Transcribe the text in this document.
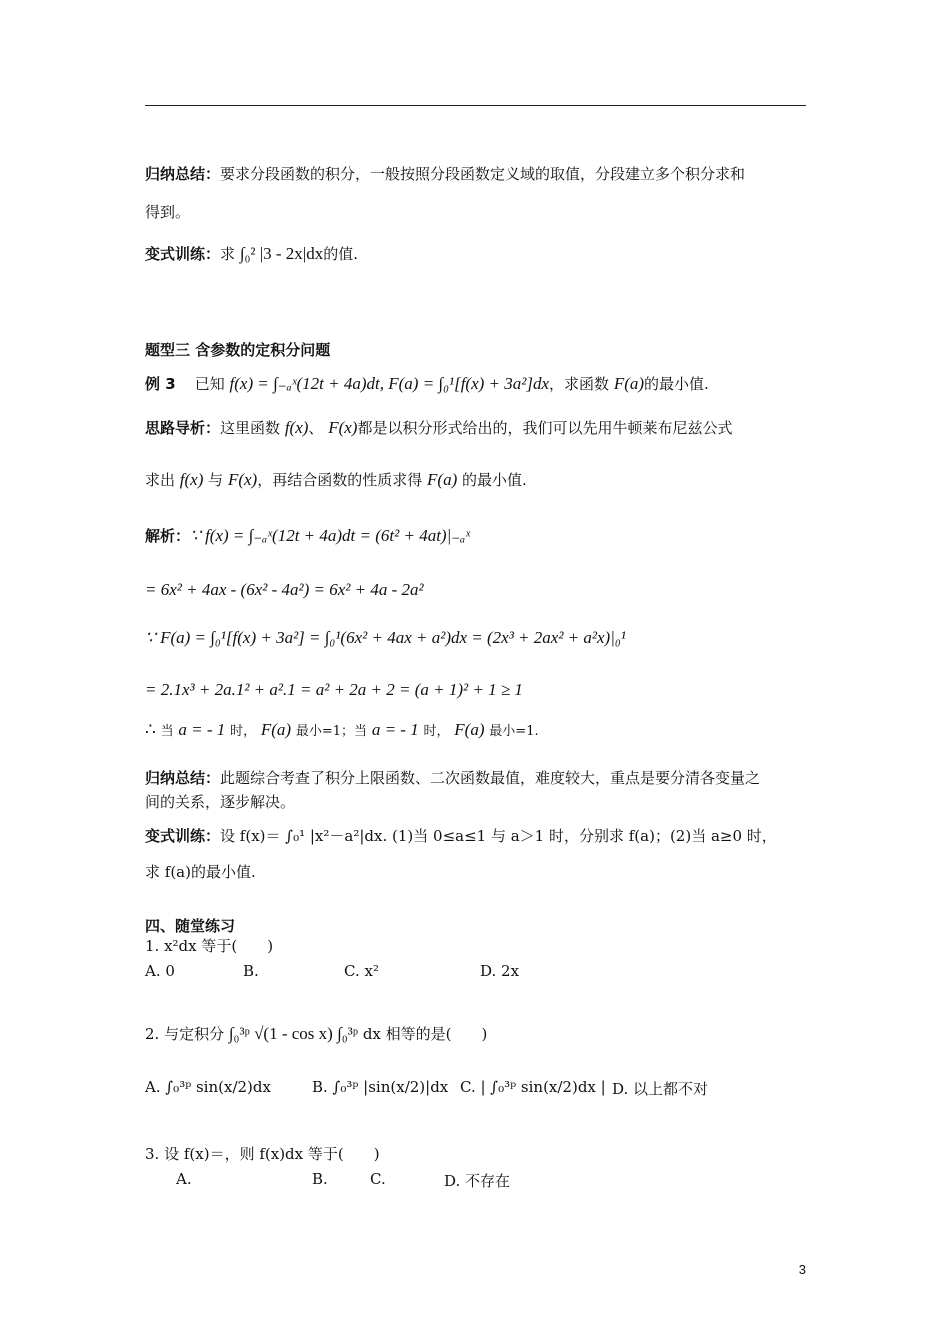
归纳总结：要求分段函数的积分，一般按照分段函数定义域的取值，分段建立多个积分求和
得到。
变式训练：求 ∫₀² |3 - 2x|dx的值.
题型三 含参数的定积分问题
例 3 已知 f(x) = ∫₋ₐˣ(12t + 4a)dt, F(a) = ∫₀¹[f(x) + 3a²]dx，求函数 F(a)的最小值.
思路导析：这里函数 f(x)、 F(x)都是以积分形式给出的，我们可以先用牛顿莱布尼兹公式
求出 f(x) 与 F(x)，再结合函数的性质求得 F(a) 的最小值.
解析：∵ f(x) = ∫₋ₐˣ(12t + 4a)dt = (6t² + 4at)|₋ₐˣ
= 6x² + 4ax - (6x² - 4a²) = 6x² + 4a - 2a²
∵ F(a) = ∫₀¹[f(x) + 3a²] = ∫₀¹(6x² + 4ax + a²)dx = (2x³ + 2ax² + a²x)|₀¹
= 2.1x³ + 2a.1² + a².1 = a² + 2a + 2 = (a + 1)² + 1 ≥ 1
∴ 当 a = - 1 时， F(a) 最小=1；当 a = - 1 时， F(a) 最小=1.
归纳总结：此题综合考查了积分上限函数、二次函数最值，难度较大，重点是要分清各变量之
间的关系，逐步解决。
变式训练：设 f(x)＝ ∫₀¹ |x²－a²|dx. (1)当 0≤a≤1 与 a＞1 时，分别求 f(a)；(2)当 a≥0 时，
求 f(a)的最小值.
四、随堂练习
1. x²dx 等于(　　)
A. 0	B.	C. x²	D. 2x
2. 与定积分 ∫₀³ᵖ √(1 - cos x) ∫₀³ᵖ dx 相等的是(　　)
A. ∫₀³ᵖ sin(x/2)dx	B. ∫₀³ᵖ |sin(x/2)|dx C. | ∫₀³ᵖ sin(x/2)dx | D. 以上都不对
3. 设 f(x)＝，则 f(x)dx 等于(　　)
A.	B.	C.	D. 不存在
3
